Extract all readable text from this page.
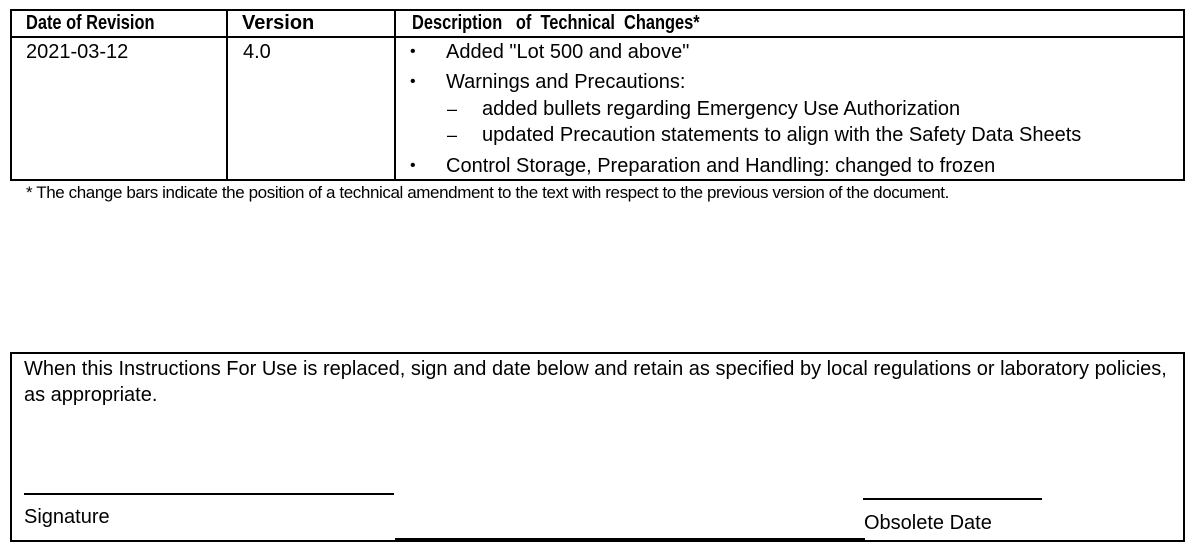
Date of Revision	Version	Description   of  Technical  Changes*
2021-03-12	4.0	• Added "Lot 500 and above"
• Warnings and Precautions:
– added bullets regarding Emergency Use Authorization
– updated Precaution statements to align with the Safety Data Sheets
• Control Storage, Preparation and Handling: changed to frozen
* The change bars indicate the position of a technical amendment to the text with respect to the previous version of the document.
When this Instructions For Use is replaced, sign and date below and retain as specified by local regulations or laboratory policies, as appropriate.
Signature	Obsolete Date
